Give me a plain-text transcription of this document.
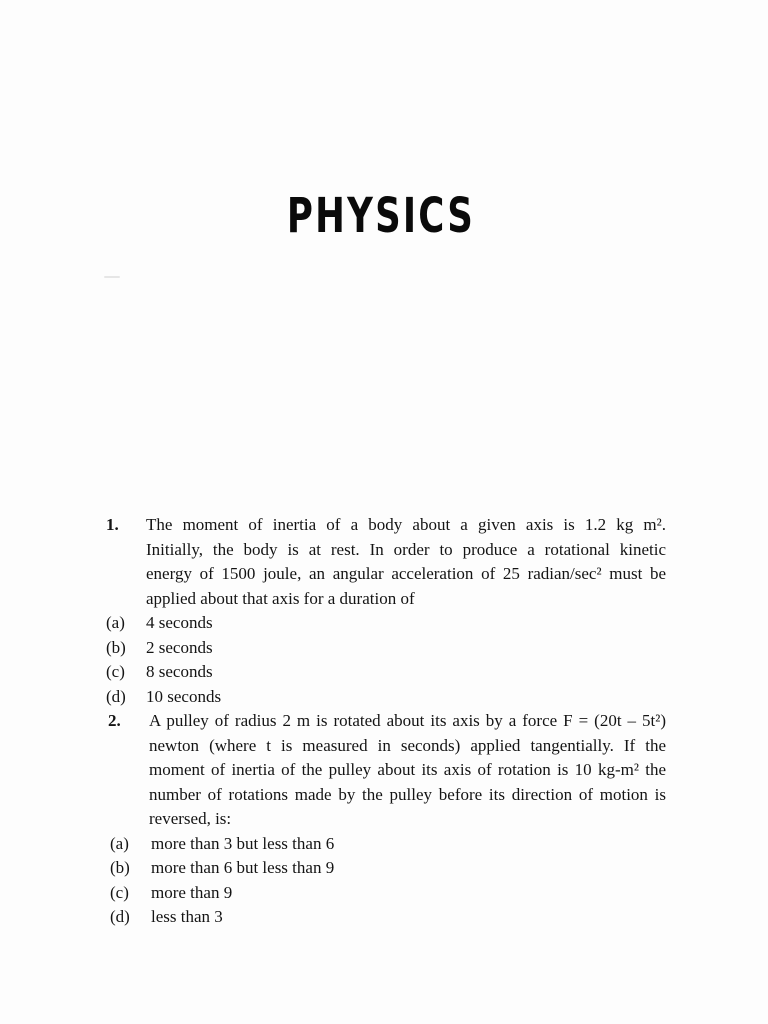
PHYSICS
1.	The moment of inertia of a body about a given axis is 1.2 kg m².
Initially, the body is at rest. In order to produce a rotational kinetic
energy of 1500 joule, an angular acceleration of 25 radian/sec² must be
applied about that axis for a duration of
(a)	4 seconds
(b)	2 seconds
(c)	8 seconds
(d)	10 seconds
2.	A pulley of radius 2 m is rotated about its axis by a force F = (20t – 5t²)
newton (where t is measured in seconds) applied tangentially. If the
moment of inertia of the pulley about its axis of rotation is 10 kg-m² the
number of rotations made by the pulley before its direction of motion is
reversed, is:
(a)	more than 3 but less than 6
(b)	more than 6 but less than 9
(c)	more than 9
(d)	less than 3
